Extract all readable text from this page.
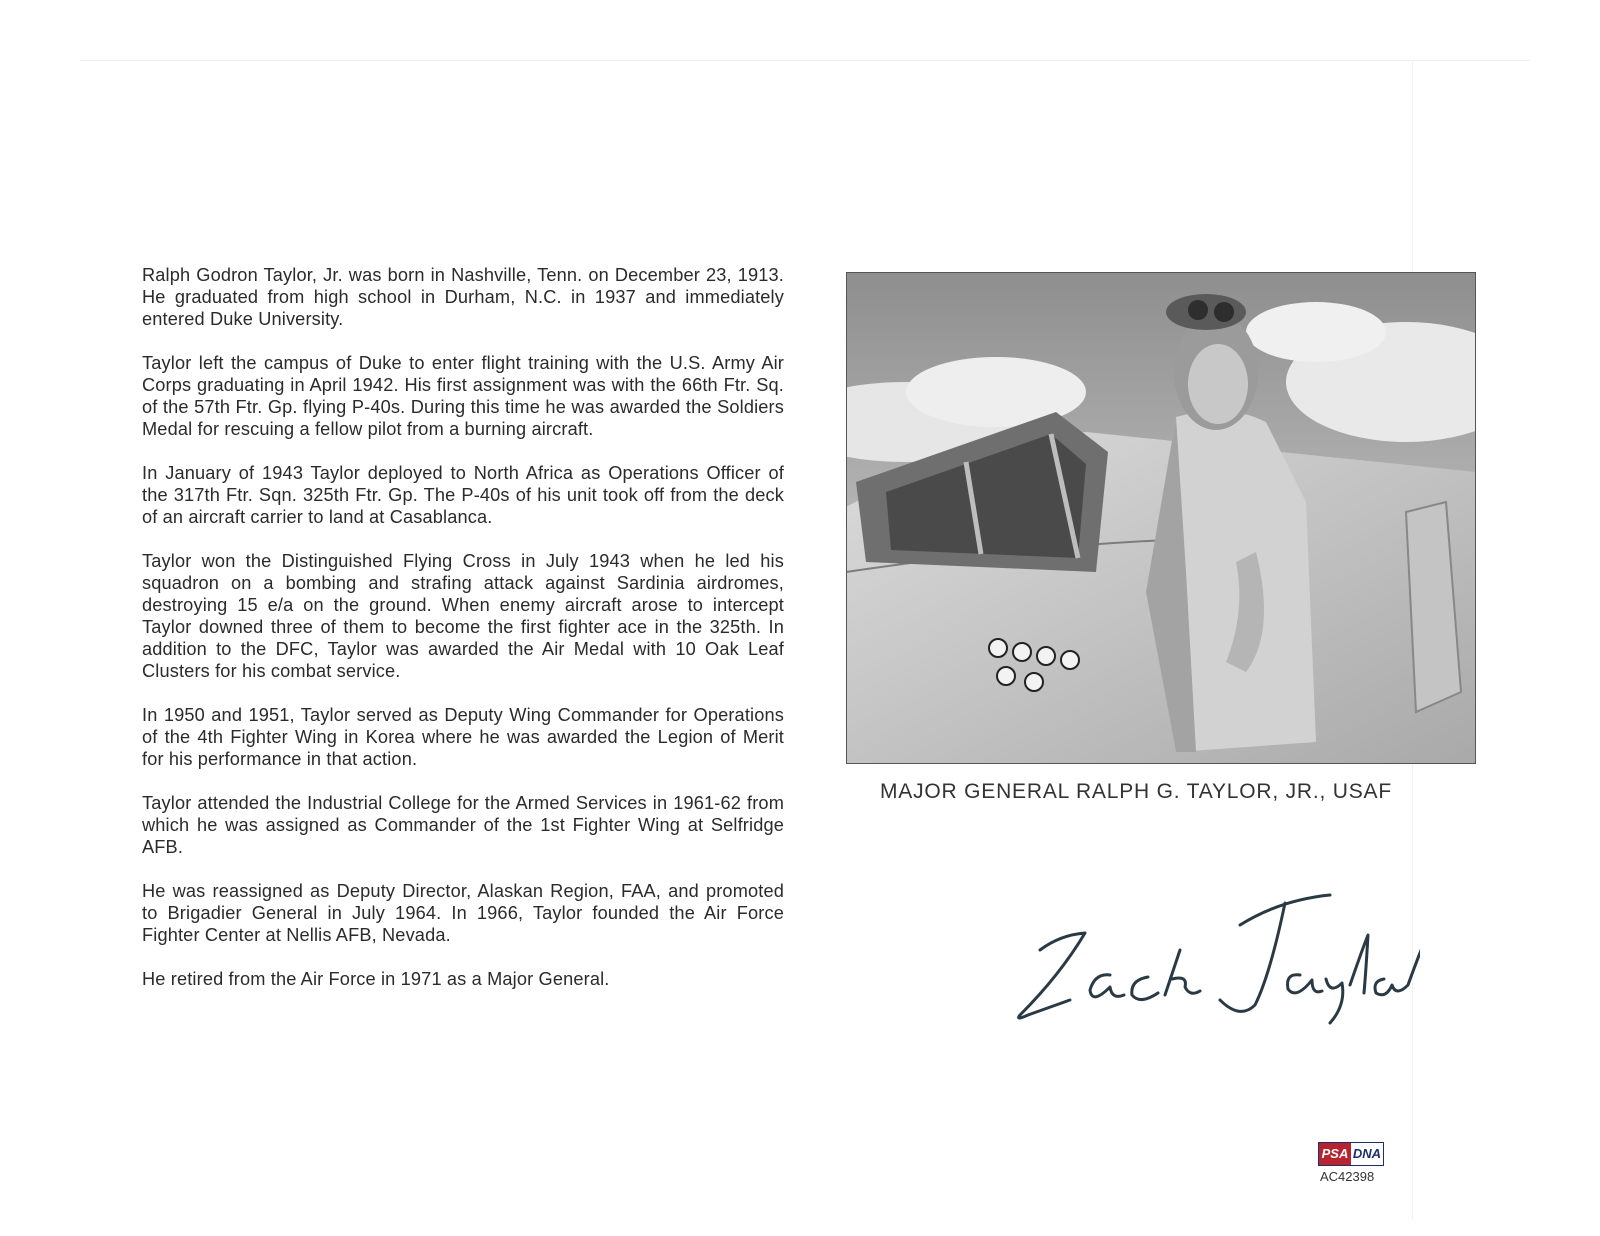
Ralph Godron Taylor, Jr. was born in Nashville, Tenn. on December 23, 1913. He graduated from high school in Durham, N.C. in 1937 and immediately entered Duke University.

Taylor left the campus of Duke to enter flight training with the U.S. Army Air Corps graduating in April 1942. His first assignment was with the 66th Ftr. Sq. of the 57th Ftr. Gp. flying P-40s. During this time he was awarded the Soldiers Medal for rescuing a fellow pilot from a burning aircraft.

In January of 1943 Taylor deployed to North Africa as Operations Officer of the 317th Ftr. Sqn. 325th Ftr. Gp. The P-40s of his unit took off from the deck of an aircraft carrier to land at Casablanca.

Taylor won the Distinguished Flying Cross in July 1943 when he led his squadron on a bombing and strafing attack against Sardinia airdromes, destroying 15 e/a on the ground. When enemy aircraft arose to intercept Taylor downed three of them to become the first fighter ace in the 325th. In addition to the DFC, Taylor was awarded the Air Medal with 10 Oak Leaf Clusters for his combat service.

In 1950 and 1951, Taylor served as Deputy Wing Commander for Operations of the 4th Fighter Wing in Korea where he was awarded the Legion of Merit for his performance in that action.

Taylor attended the Industrial College for the Armed Services in 1961-62 from which he was assigned as Commander of the 1st Fighter Wing at Selfridge AFB.

He was reassigned as Deputy Director, Alaskan Region, FAA, and promoted to Brigadier General in July 1964. In 1966, Taylor founded the Air Force Fighter Center at Nellis AFB, Nevada.

He retired from the Air Force in 1971 as a Major General.

MAJOR GENERAL RALPH G. TAYLOR, JR., USAF
PSA DNA
AC42398
